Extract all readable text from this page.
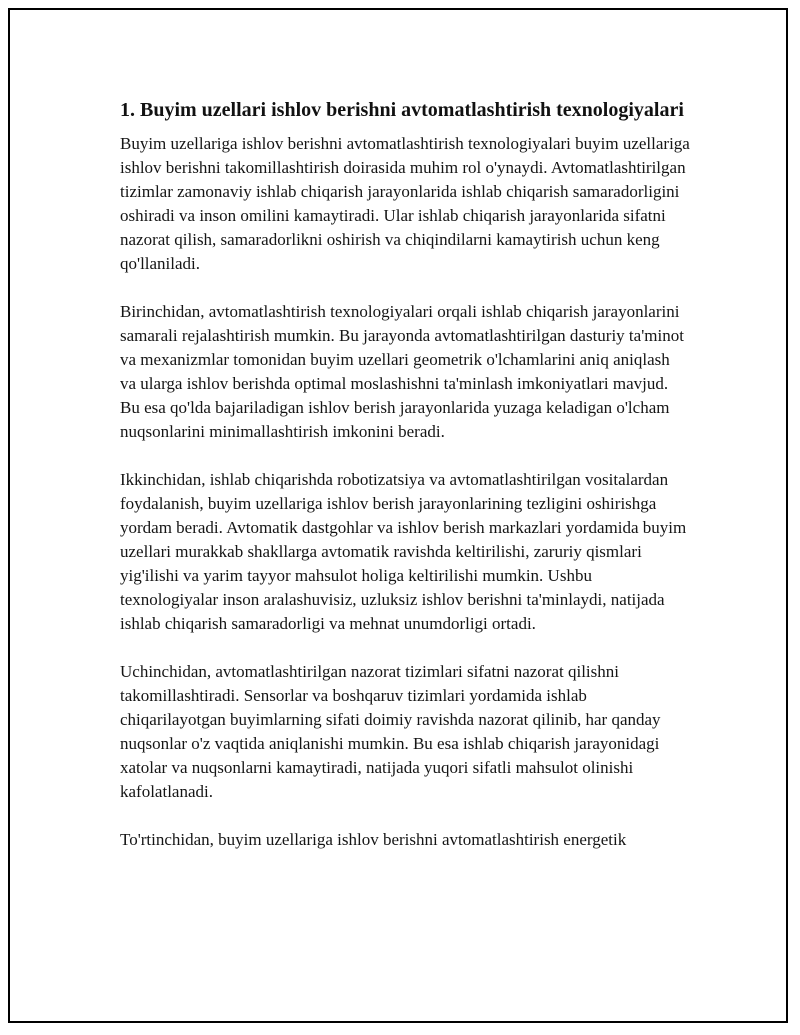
1. Buyim uzellari ishlov berishni avtomatlashtirish texnologiyalari

Buyim uzellariga ishlov berishni avtomatlashtirish texnologiyalari buyim uzellariga ishlov berishni takomillashtirish doirasida muhim rol o'ynaydi. Avtomatlashtirilgan tizimlar zamonaviy ishlab chiqarish jarayonlarida ishlab chiqarish samaradorligini oshiradi va inson omilini kamaytiradi. Ular ishlab chiqarish jarayonlarida sifatni nazorat qilish, samaradorlikni oshirish va chiqindilarni kamaytirish uchun keng qo'llaniladi.

Birinchidan, avtomatlashtirish texnologiyalari orqali ishlab chiqarish jarayonlarini samarali rejalashtirish mumkin. Bu jarayonda avtomatlashtirilgan dasturiy ta'minot va mexanizmlar tomonidan buyim uzellari geometrik o'lchamlarini aniq aniqlash va ularga ishlov berishda optimal moslashishni ta'minlash imkoniyatlari mavjud. Bu esa qo'lda bajariladigan ishlov berish jarayonlarida yuzaga keladigan o'lcham nuqsonlarini minimallashtirish imkonini beradi.

Ikkinchidan, ishlab chiqarishda robotizatsiya va avtomatlashtirilgan vositalardan foydalanish, buyim uzellariga ishlov berish jarayonlarining tezligini oshirishga yordam beradi. Avtomatik dastgohlar va ishlov berish markazlari yordamida buyim uzellari murakkab shakllarga avtomatik ravishda keltirilishi, zaruriy qismlari yig'ilishi va yarim tayyor mahsulot holiga keltirilishi mumkin. Ushbu texnologiyalar inson aralashuvisiz, uzluksiz ishlov berishni ta'minlaydi, natijada ishlab chiqarish samaradorligi va mehnat unumdorligi ortadi.

Uchinchidan, avtomatlashtirilgan nazorat tizimlari sifatni nazorat qilishni takomillashtiradi. Sensorlar va boshqaruv tizimlari yordamida ishlab chiqarilayotgan buyimlarning sifati doimiy ravishda nazorat qilinib, har qanday nuqsonlar o'z vaqtida aniqlanishi mumkin. Bu esa ishlab chiqarish jarayonidagi xatolar va nuqsonlarni kamaytiradi, natijada yuqori sifatli mahsulot olinishi kafolatlanadi.

To'rtinchidan, buyim uzellariga ishlov berishni avtomatlashtirish energetik
